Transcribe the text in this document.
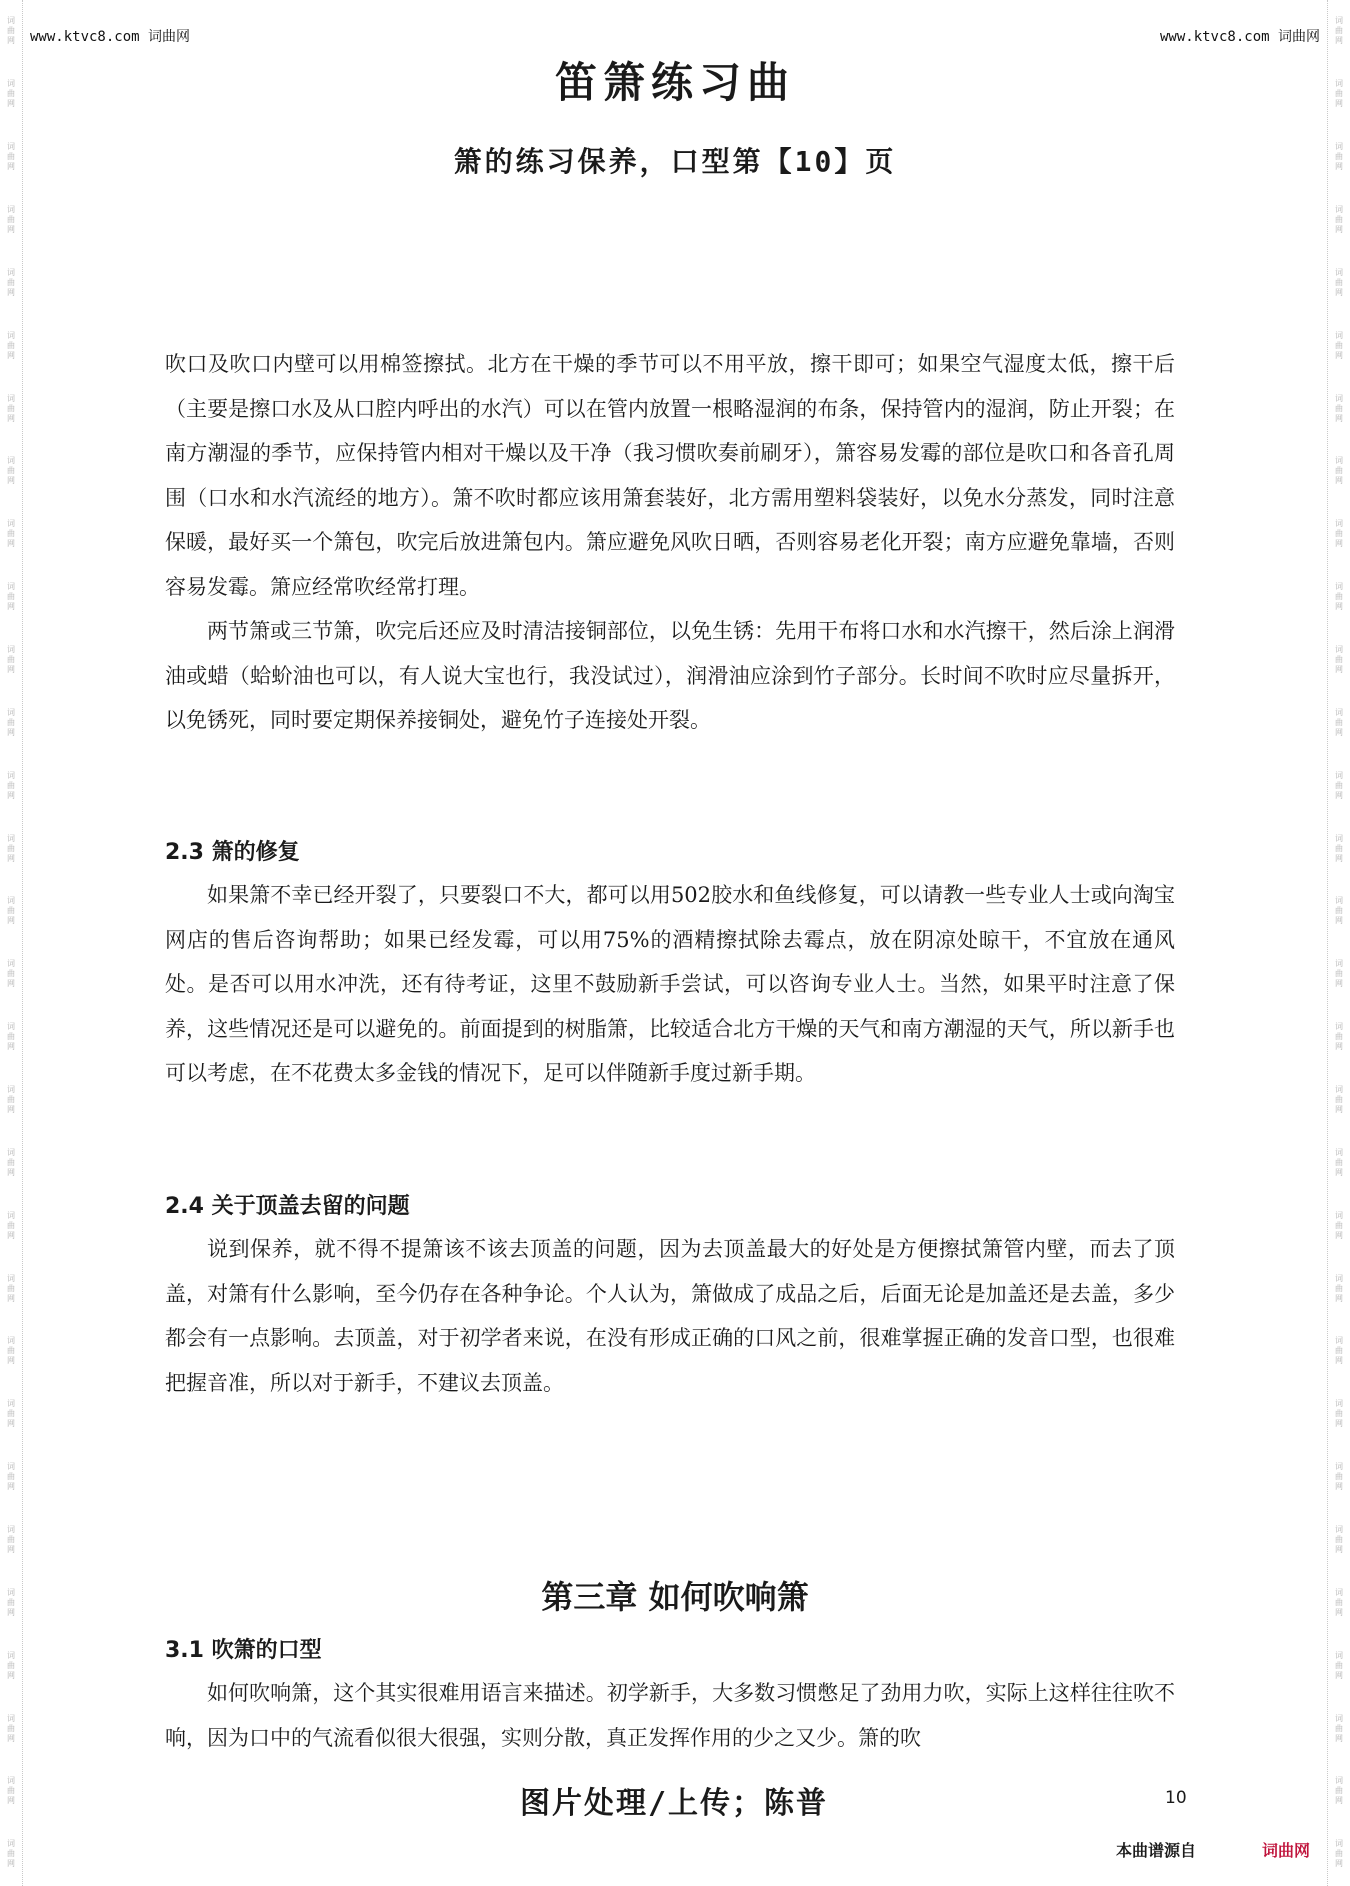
词曲网
词曲网
词曲网
词曲网
词曲网
词曲网
词曲网
词曲网
词曲网
词曲网
词曲网
词曲网
词曲网
词曲网
词曲网
词曲网
词曲网
词曲网
词曲网
词曲网
词曲网
词曲网
词曲网
词曲网
词曲网
词曲网
词曲网
词曲网
词曲网
词曲网
词曲网
词曲网
词曲网
词曲网
词曲网
词曲网
词曲网
词曲网
词曲网
词曲网
词曲网
词曲网
词曲网
词曲网
词曲网
词曲网
词曲网
词曲网
词曲网
词曲网
词曲网
词曲网
词曲网
词曲网
词曲网
词曲网
词曲网
词曲网
词曲网
词曲网
www.ktvc8.com 词曲网	www.ktvc8.com 词曲网
笛箫练习曲
箫的练习保养，口型第【10】页

吹口及吹口内壁可以用棉签擦拭。北方在干燥的季节可以不用平放，擦干即可；如果空气湿度太低，擦干后（主要是擦口水及从口腔内呼出的水汽）可以在管内放置一根略湿润的布条，保持管内的湿润，防止开裂；在南方潮湿的季节，应保持管内相对干燥以及干净（我习惯吹奏前刷牙），箫容易发霉的部位是吹口和各音孔周围（口水和水汽流经的地方）。箫不吹时都应该用箫套装好，北方需用塑料袋装好，以免水分蒸发，同时注意保暖，最好买一个箫包，吹完后放进箫包内。箫应避免风吹日晒，否则容易老化开裂；南方应避免靠墙，否则容易发霉。箫应经常吹经常打理。

两节箫或三节箫，吹完后还应及时清洁接铜部位，以免生锈：先用干布将口水和水汽擦干，然后涂上润滑油或蜡（蛤蚧油也可以，有人说大宝也行，我没试过），润滑油应涂到竹子部分。长时间不吹时应尽量拆开，以免锈死，同时要定期保养接铜处，避免竹子连接处开裂。

2.3 箫的修复

如果箫不幸已经开裂了，只要裂口不大，都可以用502胶水和鱼线修复，可以请教一些专业人士或向淘宝网店的售后咨询帮助；如果已经发霉，可以用75%的酒精擦拭除去霉点，放在阴凉处晾干，不宜放在通风处。是否可以用水冲洗，还有待考证，这里不鼓励新手尝试，可以咨询专业人士。当然，如果平时注意了保养，这些情况还是可以避免的。前面提到的树脂箫，比较适合北方干燥的天气和南方潮湿的天气，所以新手也可以考虑，在不花费太多金钱的情况下，足可以伴随新手度过新手期。

2.4 关于顶盖去留的问题

说到保养，就不得不提箫该不该去顶盖的问题，因为去顶盖最大的好处是方便擦拭箫管内壁，而去了顶盖，对箫有什么影响，至今仍存在各种争论。个人认为，箫做成了成品之后，后面无论是加盖还是去盖，多少都会有一点影响。去顶盖，对于初学者来说，在没有形成正确的口风之前，很难掌握正确的发音口型，也很难把握音准，所以对于新手，不建议去顶盖。

第三章 如何吹响箫

3.1 吹箫的口型

如何吹响箫，这个其实很难用语言来描述。初学新手，大多数习惯憋足了劲用力吹，实际上这样往往吹不响，因为口中的气流看似很大很强，实则分散，真正发挥作用的少之又少。箫的吹

图片处理/上传；陈普	10
本曲谱源自	词曲网
